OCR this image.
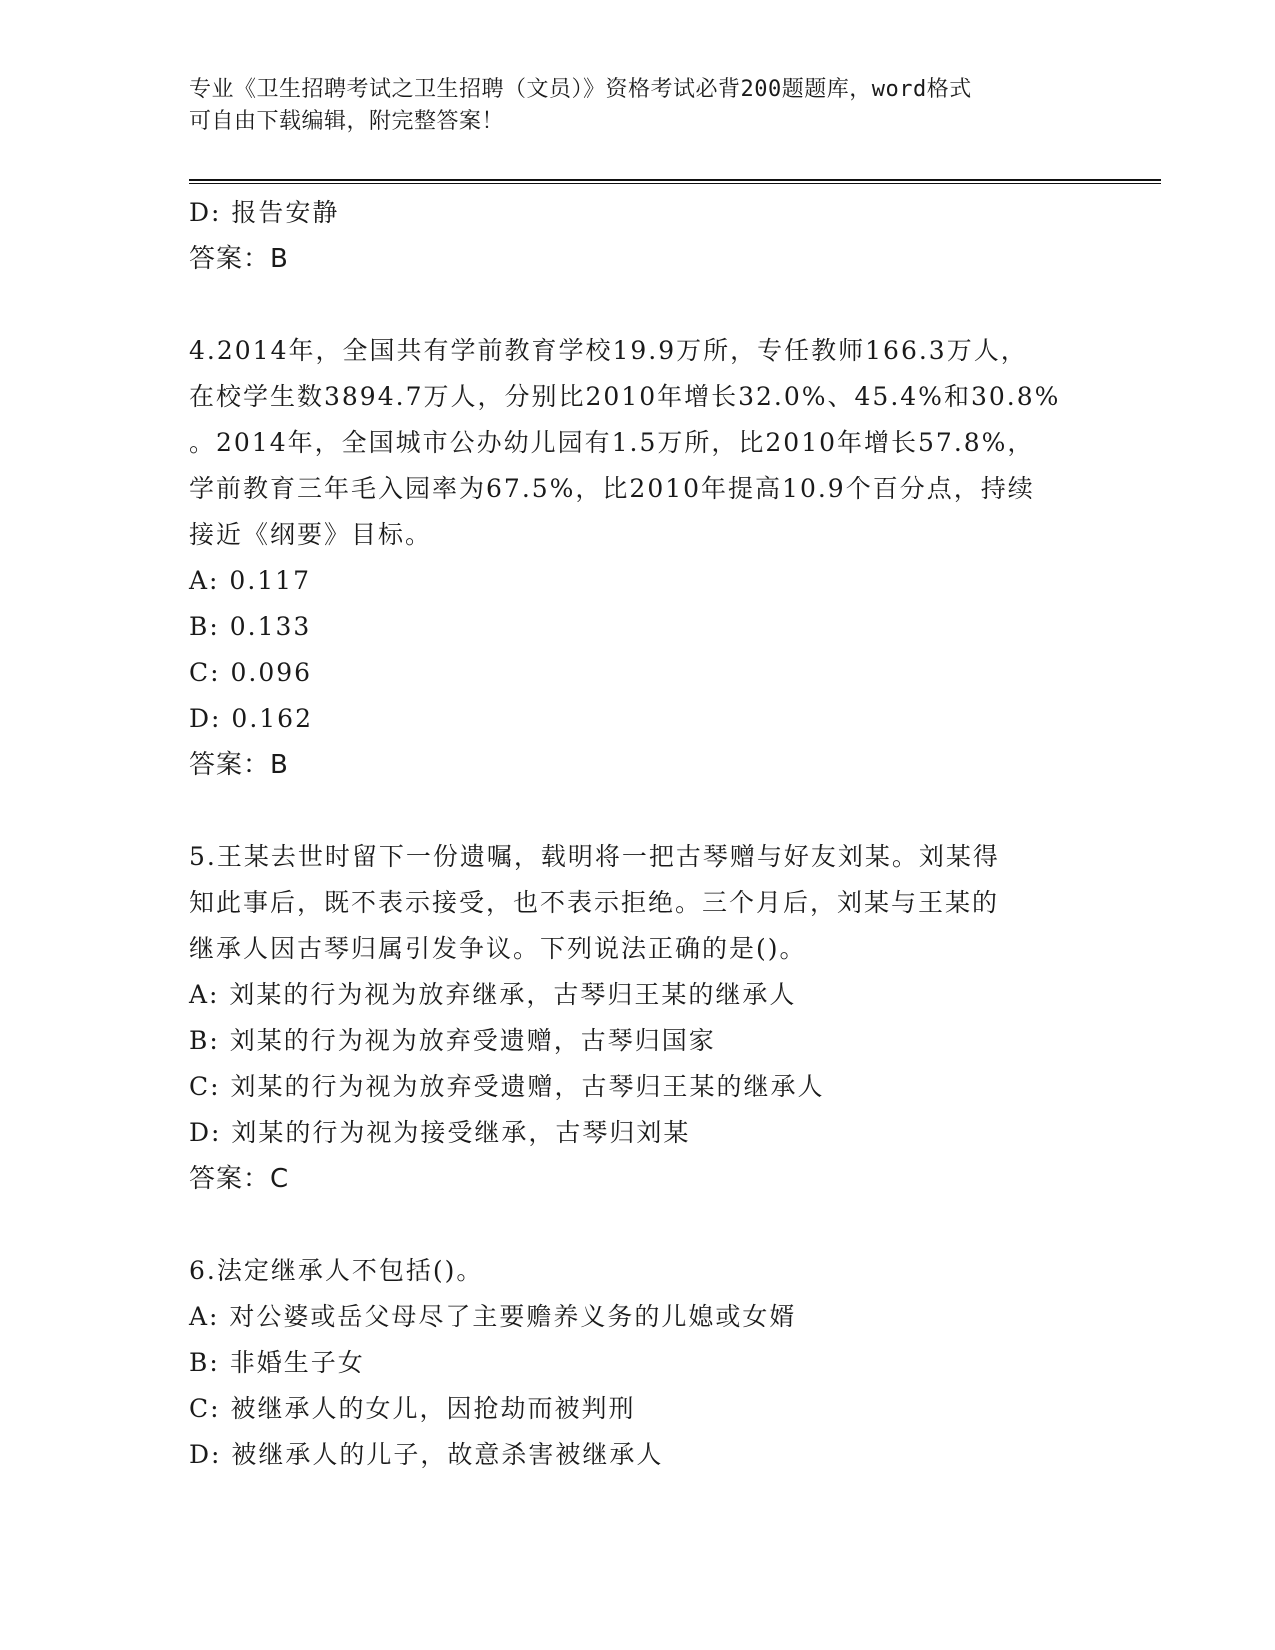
专业《卫生招聘考试之卫生招聘（文员）》资格考试必背200题题库，word格式
可自由下载编辑，附完整答案！
D: 报告安静
答案：B
4.2014年，全国共有学前教育学校19.9万所，专任教师166.3万人，
在校学生数3894.7万人，分别比2010年增长32.0%、45.4%和30.8%
。2014年，全国城市公办幼儿园有1.5万所，比2010年增长57.8%，
学前教育三年毛入园率为67.5%，比2010年提高10.9个百分点，持续
接近《纲要》目标。
A: 0.117
B: 0.133
C: 0.096
D: 0.162
答案：B
5.王某去世时留下一份遗嘱，载明将一把古琴赠与好友刘某。刘某得
知此事后，既不表示接受，也不表示拒绝。三个月后，刘某与王某的
继承人因古琴归属引发争议。下列说法正确的是()。
A: 刘某的行为视为放弃继承，古琴归王某的继承人
B: 刘某的行为视为放弃受遗赠，古琴归国家
C: 刘某的行为视为放弃受遗赠，古琴归王某的继承人
D: 刘某的行为视为接受继承，古琴归刘某
答案：C
6.法定继承人不包括()。
A: 对公婆或岳父母尽了主要赡养义务的儿媳或女婿
B: 非婚生子女
C: 被继承人的女儿，因抢劫而被判刑
D: 被继承人的儿子，故意杀害被继承人
